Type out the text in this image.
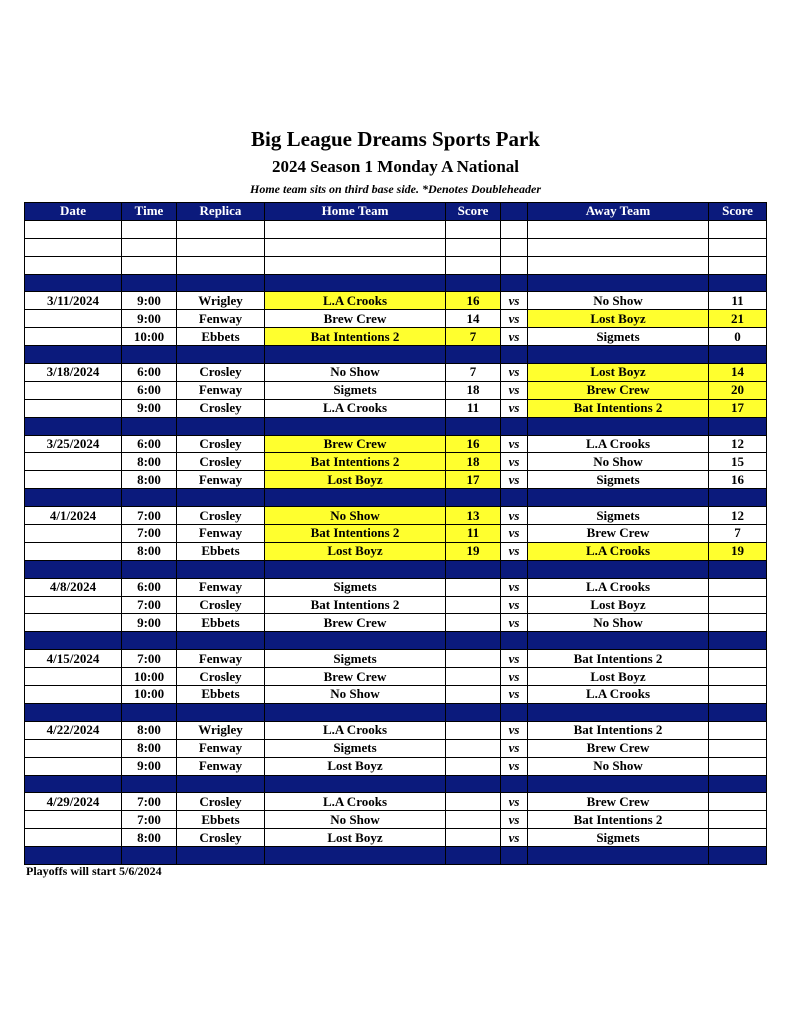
Big League Dreams Sports Park
2024 Season 1 Monday A National
Home team sits on third base side. *Denotes Doubleheader
Date	Time	Replica	Home Team	Score		Away Team	Score

3/11/2024	9:00	Wrigley	L.A Crooks	16	vs	No Show	11
	9:00	Fenway	Brew Crew	14	vs	Lost Boyz	21
	10:00	Ebbets	Bat Intentions 2	7	vs	Sigmets	0

3/18/2024	6:00	Crosley	No Show	7	vs	Lost Boyz	14
	6:00	Fenway	Sigmets	18	vs	Brew Crew	20
	9:00	Crosley	L.A Crooks	11	vs	Bat Intentions 2	17

3/25/2024	6:00	Crosley	Brew Crew	16	vs	L.A Crooks	12
	8:00	Crosley	Bat Intentions 2	18	vs	No Show	15
	8:00	Fenway	Lost Boyz	17	vs	Sigmets	16

4/1/2024	7:00	Crosley	No Show	13	vs	Sigmets	12
	7:00	Fenway	Bat Intentions 2	11	vs	Brew Crew	7
	8:00	Ebbets	Lost Boyz	19	vs	L.A Crooks	19

4/8/2024	6:00	Fenway	Sigmets		vs	L.A Crooks	
	7:00	Crosley	Bat Intentions 2		vs	Lost Boyz	
	9:00	Ebbets	Brew Crew		vs	No Show	

4/15/2024	7:00	Fenway	Sigmets		vs	Bat Intentions 2	
	10:00	Crosley	Brew Crew		vs	Lost Boyz	
	10:00	Ebbets	No Show		vs	L.A Crooks	

4/22/2024	8:00	Wrigley	L.A Crooks		vs	Bat Intentions 2	
	8:00	Fenway	Sigmets		vs	Brew Crew	
	9:00	Fenway	Lost Boyz		vs	No Show	

4/29/2024	7:00	Crosley	L.A Crooks		vs	Brew Crew	
	7:00	Ebbets	No Show		vs	Bat Intentions 2	
	8:00	Crosley	Lost Boyz		vs	Sigmets	

Playoffs will start 5/6/2024
